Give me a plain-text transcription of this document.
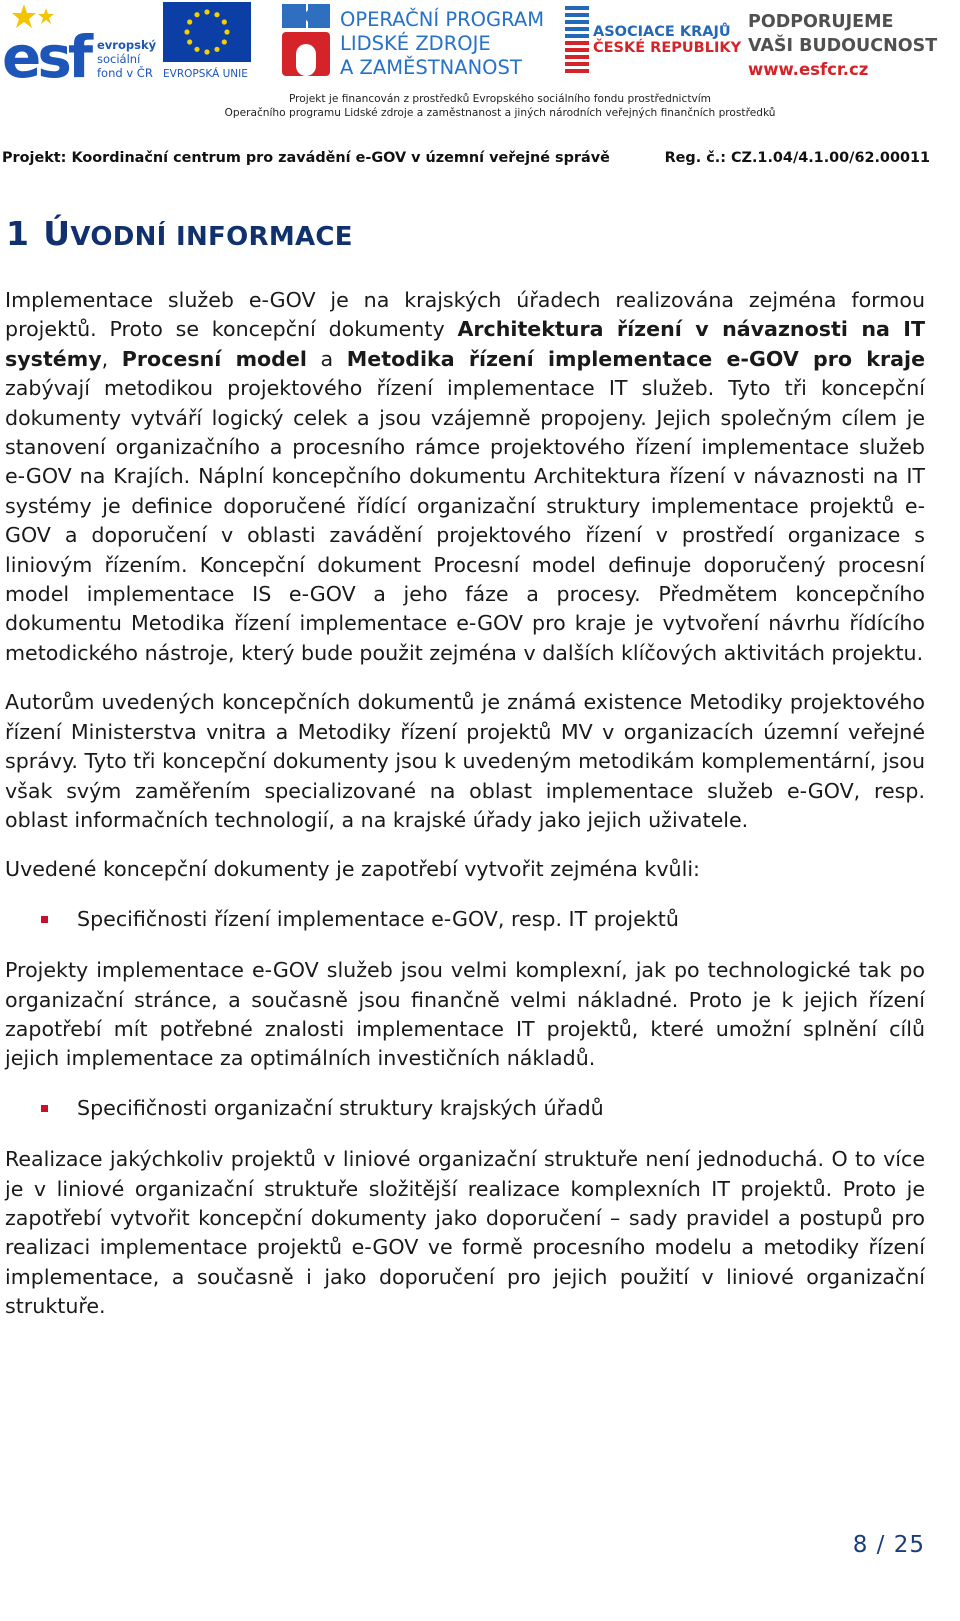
esf evropský
sociální
fond v ČR EVROPSKÁ UNIE
OPERAČNÍ PROGRAM
LIDSKÉ ZDROJE
A ZAMĚSTNANOST
ASOCIACE KRAJŮ
ČESKÉ REPUBLIKY
PODPORUJEME
VAŠI BUDOUCNOST
www.esfcr.cz
Projekt je financován z prostředků Evropského sociálního fondu prostřednictvím
Operačního programu Lidské zdroje a zaměstnanost a jiných národních veřejných finančních prostředků
Projekt: Koordinační centrum pro zavádění e-GOV v územní veřejné správě	Reg. č.: CZ.1.04/4.1.00/62.00011
1 ÚVODNÍ INFORMACE

Implementace služeb e-GOV je na krajských úřadech realizována zejména formou projektů. Proto se koncepční dokumenty Architektura řízení v návaznosti na IT systémy, Procesní model a Metodika řízení implementace e-GOV pro kraje zabývají metodikou projektového řízení implementace IT služeb. Tyto tři koncepční dokumenty vytváří logický celek a jsou vzájemně propojeny. Jejich společným cílem je stanovení organizačního a procesního rámce projektového řízení implementace služeb e-GOV na Krajích. Náplní koncepčního dokumentu Architektura řízení v návaznosti na IT systémy je definice doporučené řídící organizační struktury implementace projektů e-GOV a doporučení v oblasti zavádění projektového řízení v prostředí organizace s liniovým řízením. Koncepční dokument Procesní model definuje doporučený procesní model implementace IS e-GOV a jeho fáze a procesy. Předmětem koncepčního dokumentu Metodika řízení implementace e-GOV pro kraje je vytvoření návrhu řídícího metodického nástroje, který bude použit zejména v dalších klíčových aktivitách projektu.

Autorům uvedených koncepčních dokumentů je známá existence Metodiky projektového řízení Ministerstva vnitra a Metodiky řízení projektů MV v organizacích územní veřejné správy. Tyto tři koncepční dokumenty jsou k uvedeným metodikám komplementární, jsou však svým zaměřením specializované na oblast implementace služeb e-GOV, resp. oblast informačních technologií, a na krajské úřady jako jejich uživatele.

Uvedené koncepční dokumenty je zapotřebí vytvořit zejména kvůli:

Specifičnosti řízení implementace e-GOV, resp. IT projektů

Projekty implementace e-GOV služeb jsou velmi komplexní, jak po technologické tak po organizační stránce, a současně jsou finančně velmi nákladné. Proto je k jejich řízení zapotřebí mít potřebné znalosti implementace IT projektů, které umožní splnění cílů jejich implementace za optimálních investičních nákladů.

Specifičnosti organizační struktury krajských úřadů

Realizace jakýchkoliv projektů v liniové organizační struktuře není jednoduchá. O to více je v liniové organizační struktuře složitější realizace komplexních IT projektů. Proto je zapotřebí vytvořit koncepční dokumenty jako doporučení – sady pravidel a postupů pro realizaci implementace projektů e-GOV ve formě procesního modelu a metodiky řízení implementace, a současně i jako doporučení pro jejich použití v liniové organizační struktuře.

8 / 25
